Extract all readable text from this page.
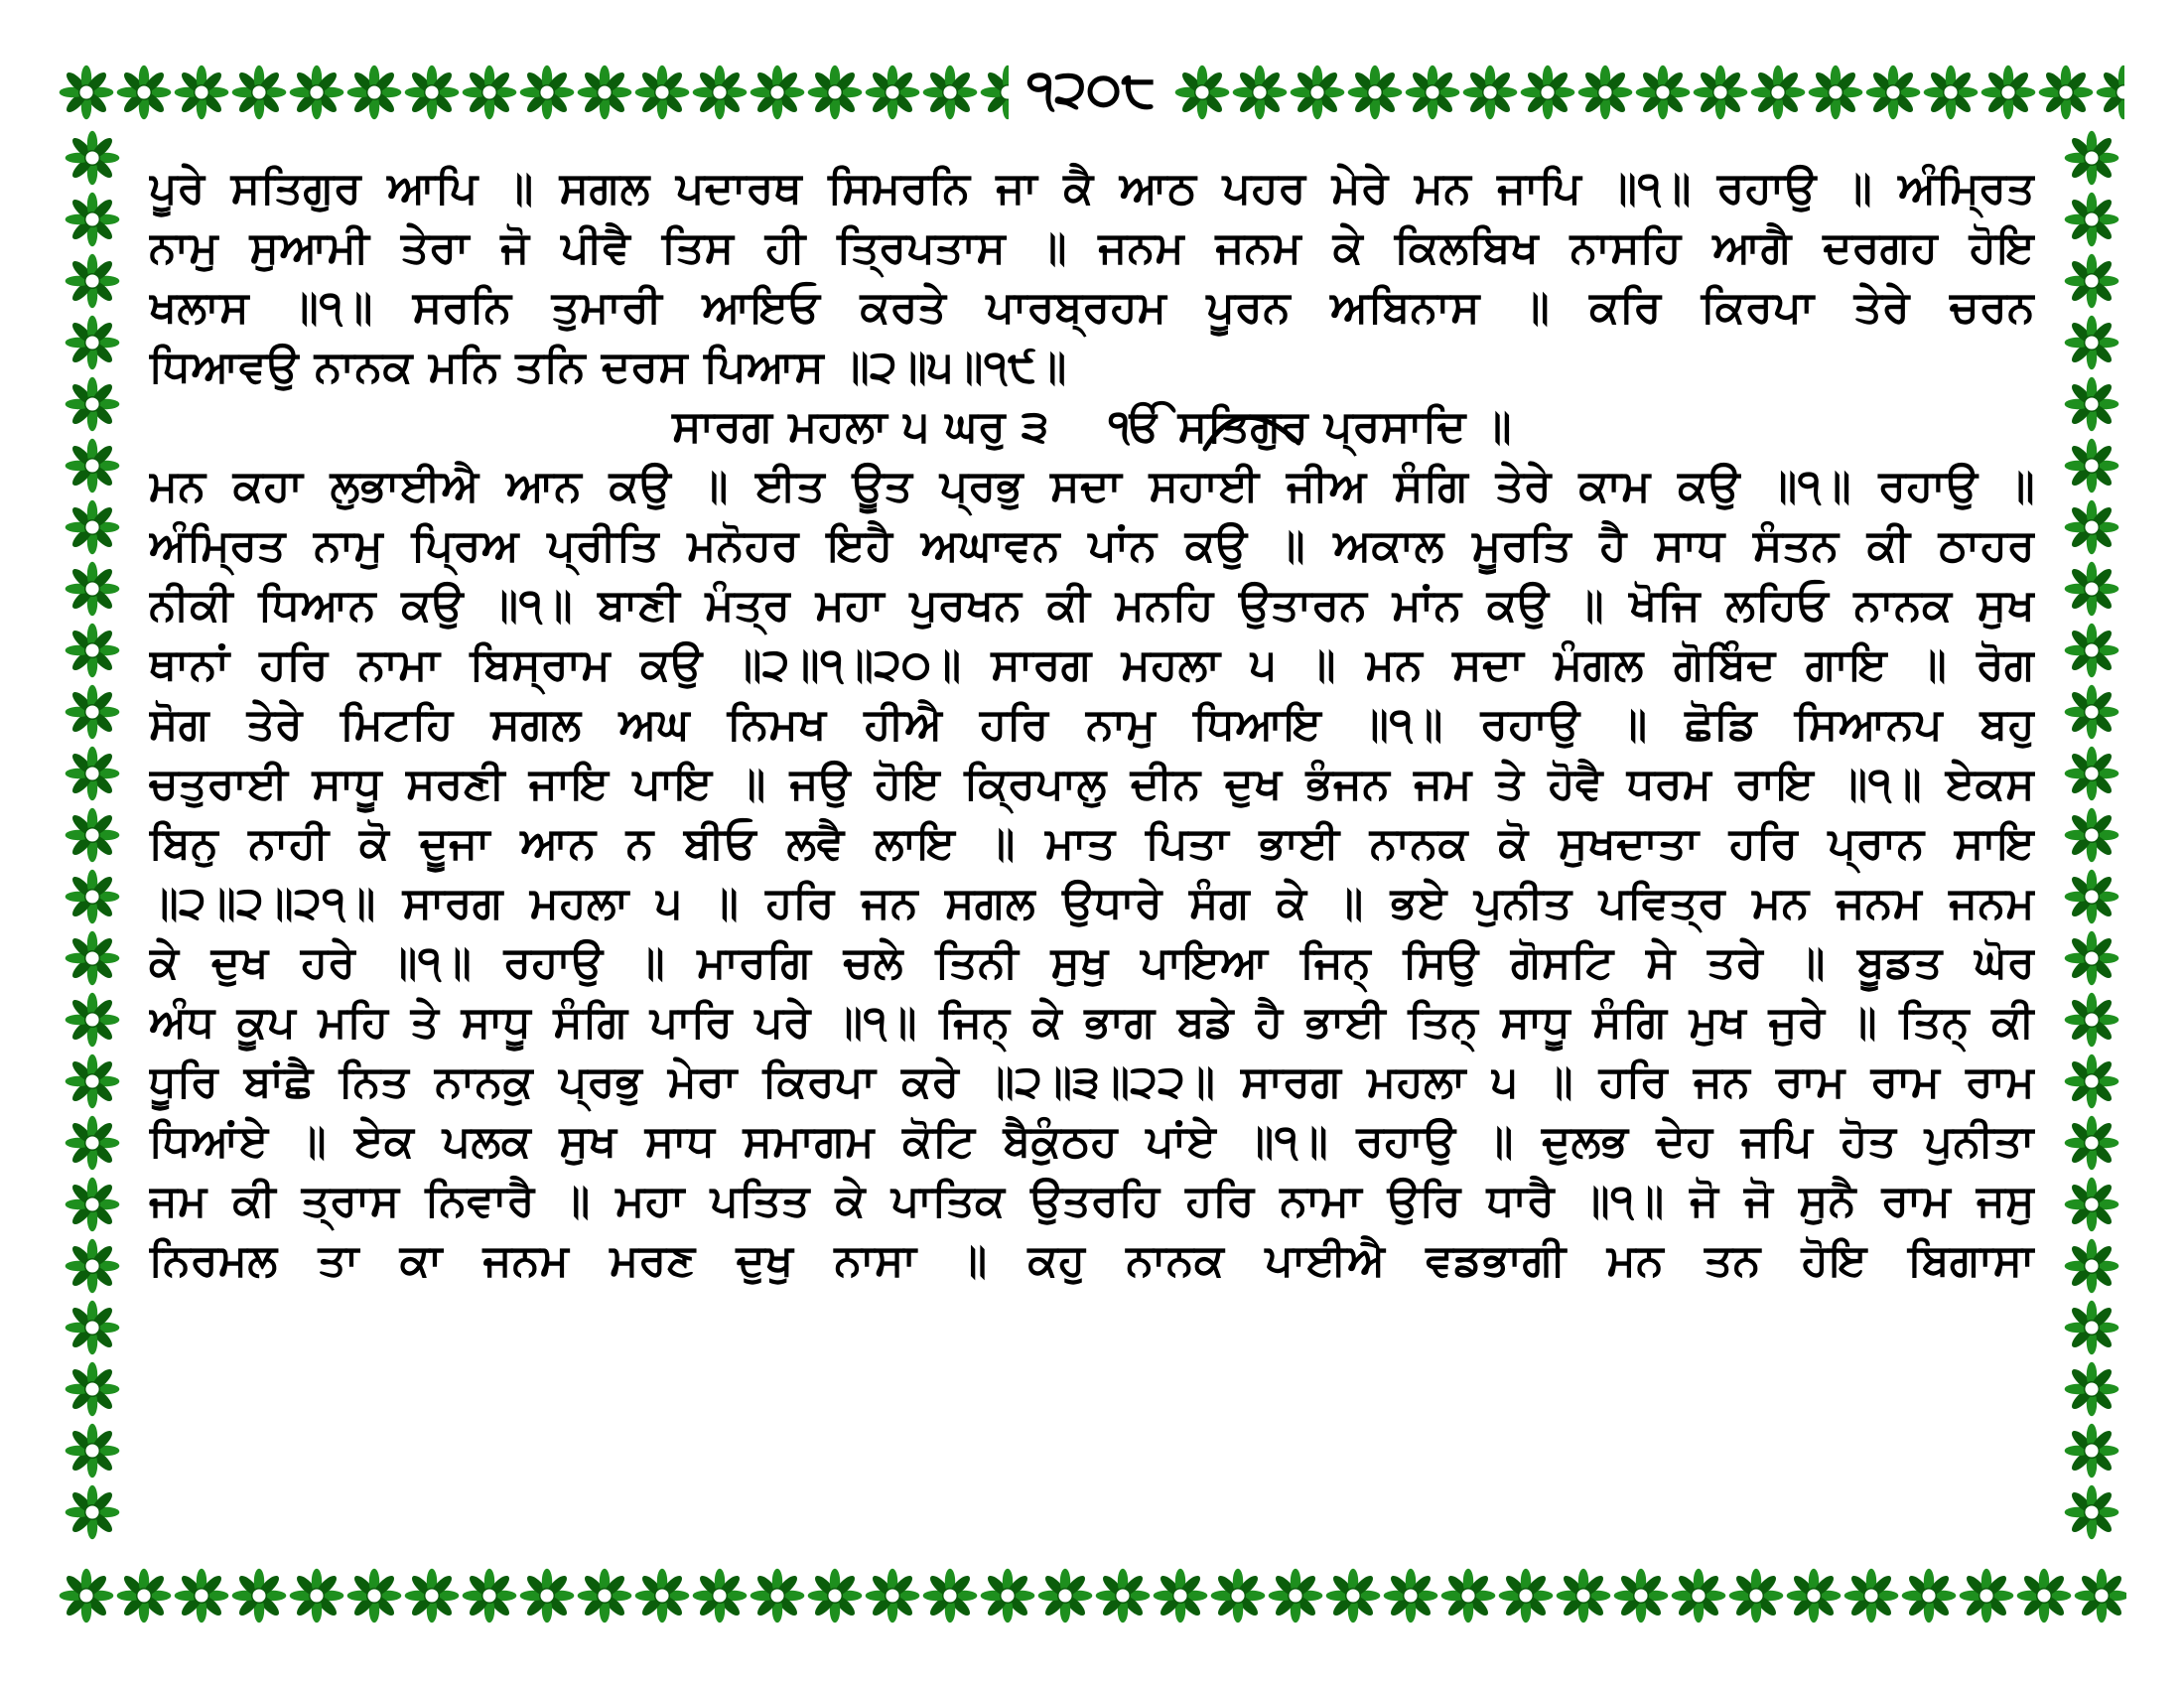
੧੨੦੮
ਪੂਰੇ ਸਤਿਗੁਰ ਆਪਿ ॥ ਸਗਲ ਪਦਾਰਥ ਸਿਮਰਨਿ ਜਾ ਕੈ ਆਠ ਪਹਰ ਮੇਰੇ ਮਨ ਜਾਪਿ ॥੧॥ ਰਹਾਉ ॥ ਅੰਮ੍ਰਿਤ
ਨਾਮੁ ਸੁਆਮੀ ਤੇਰਾ ਜੋ ਪੀਵੈ ਤਿਸ ਹੀ ਤ੍ਰਿਪਤਾਸ ॥ ਜਨਮ ਜਨਮ ਕੇ ਕਿਲਬਿਖ ਨਾਸਹਿ ਆਗੈ ਦਰਗਹ ਹੋਇ
ਖਲਾਸ ॥੧॥ ਸਰਨਿ ਤੁਮਾਰੀ ਆਇਓ ਕਰਤੇ ਪਾਰਬ੍ਰਹਮ ਪੂਰਨ ਅਬਿਨਾਸ ॥ ਕਰਿ ਕਿਰਪਾ ਤੇਰੇ ਚਰਨ
ਧਿਆਵਉ ਨਾਨਕ ਮਨਿ ਤਨਿ ਦਰਸ ਪਿਆਸ ॥੨॥੫॥੧੯॥
ਸਾਰਗ ਮਹਲਾ ੫ ਘਰੁ ੩ ੴ ਸਤਿਗੁਰ ਪ੍ਰਸਾਦਿ ॥
ਮਨ ਕਹਾ ਲੁਭਾਈਐ ਆਨ ਕਉ ॥ ਈਤ ਊਤ ਪ੍ਰਭੁ ਸਦਾ ਸਹਾਈ ਜੀਅ ਸੰਗਿ ਤੇਰੇ ਕਾਮ ਕਉ ॥੧॥ ਰਹਾਉ ॥
ਅੰਮ੍ਰਿਤ ਨਾਮੁ ਪ੍ਰਿਅ ਪ੍ਰੀਤਿ ਮਨੋਹਰ ਇਹੈ ਅਘਾਵਨ ਪਾਂਨ ਕਉ ॥ ਅਕਾਲ ਮੂਰਤਿ ਹੈ ਸਾਧ ਸੰਤਨ ਕੀ ਠਾਹਰ
ਨੀਕੀ ਧਿਆਨ ਕਉ ॥੧॥ ਬਾਣੀ ਮੰਤ੍ਰ ਮਹਾ ਪੁਰਖਨ ਕੀ ਮਨਹਿ ਉਤਾਰਨ ਮਾਂਨ ਕਉ ॥ ਖੋਜਿ ਲਹਿਓ ਨਾਨਕ ਸੁਖ
ਥਾਨਾਂ ਹਰਿ ਨਾਮਾ ਬਿਸ੍ਰਾਮ ਕਉ ॥੨॥੧॥੨੦॥ ਸਾਰਗ ਮਹਲਾ ੫ ॥ ਮਨ ਸਦਾ ਮੰਗਲ ਗੋਬਿੰਦ ਗਾਇ ॥ ਰੋਗ
ਸੋਗ ਤੇਰੇ ਮਿਟਹਿ ਸਗਲ ਅਘ ਨਿਮਖ ਹੀਐ ਹਰਿ ਨਾਮੁ ਧਿਆਇ ॥੧॥ ਰਹਾਉ ॥ ਛੋਡਿ ਸਿਆਨਪ ਬਹੁ
ਚਤੁਰਾਈ ਸਾਧੂ ਸਰਣੀ ਜਾਇ ਪਾਇ ॥ ਜਉ ਹੋਇ ਕ੍ਰਿਪਾਲੁ ਦੀਨ ਦੁਖ ਭੰਜਨ ਜਮ ਤੇ ਹੋਵੈ ਧਰਮ ਰਾਇ ॥੧॥ ਏਕਸ
ਬਿਨੁ ਨਾਹੀ ਕੋ ਦੂਜਾ ਆਨ ਨ ਬੀਓ ਲਵੈ ਲਾਇ ॥ ਮਾਤ ਪਿਤਾ ਭਾਈ ਨਾਨਕ ਕੋ ਸੁਖਦਾਤਾ ਹਰਿ ਪ੍ਰਾਨ ਸਾਇ
॥੨॥੨॥੨੧॥ ਸਾਰਗ ਮਹਲਾ ੫ ॥ ਹਰਿ ਜਨ ਸਗਲ ਉਧਾਰੇ ਸੰਗ ਕੇ ॥ ਭਏ ਪੁਨੀਤ ਪਵਿਤ੍ਰ ਮਨ ਜਨਮ ਜਨਮ
ਕੇ ਦੁਖ ਹਰੇ ॥੧॥ ਰਹਾਉ ॥ ਮਾਰਗਿ ਚਲੇ ਤਿਨੀ ਸੁਖੁ ਪਾਇਆ ਜਿਨ੍ ਸਿਉ ਗੋਸਟਿ ਸੇ ਤਰੇ ॥ ਬੂਡਤ ਘੋਰ
ਅੰਧ ਕੂਪ ਮਹਿ ਤੇ ਸਾਧੂ ਸੰਗਿ ਪਾਰਿ ਪਰੇ ॥੧॥ ਜਿਨ੍ ਕੇ ਭਾਗ ਬਡੇ ਹੈ ਭਾਈ ਤਿਨ੍ ਸਾਧੂ ਸੰਗਿ ਮੁਖ ਜੁਰੇ ॥ ਤਿਨ੍ ਕੀ
ਧੂਰਿ ਬਾਂਛੈ ਨਿਤ ਨਾਨਕੁ ਪ੍ਰਭੁ ਮੇਰਾ ਕਿਰਪਾ ਕਰੇ ॥੨॥੩॥੨੨॥ ਸਾਰਗ ਮਹਲਾ ੫ ॥ ਹਰਿ ਜਨ ਰਾਮ ਰਾਮ ਰਾਮ
ਧਿਆਂਏ ॥ ਏਕ ਪਲਕ ਸੁਖ ਸਾਧ ਸਮਾਗਮ ਕੋਟਿ ਬੈਕੁੰਠਹ ਪਾਂਏ ॥੧॥ ਰਹਾਉ ॥ ਦੁਲਭ ਦੇਹ ਜਪਿ ਹੋਤ ਪੁਨੀਤਾ
ਜਮ ਕੀ ਤ੍ਰਾਸ ਨਿਵਾਰੈ ॥ ਮਹਾ ਪਤਿਤ ਕੇ ਪਾਤਿਕ ਉਤਰਹਿ ਹਰਿ ਨਾਮਾ ਉਰਿ ਧਾਰੈ ॥੧॥ ਜੋ ਜੋ ਸੁਨੈ ਰਾਮ ਜਸੁ
ਨਿਰਮਲ ਤਾ ਕਾ ਜਨਮ ਮਰਣ ਦੁਖੁ ਨਾਸਾ ॥ ਕਹੁ ਨਾਨਕ ਪਾਈਐ ਵਡਭਾਗੀ ਮਨ ਤਨ ਹੋਇ ਬਿਗਾਸਾ
